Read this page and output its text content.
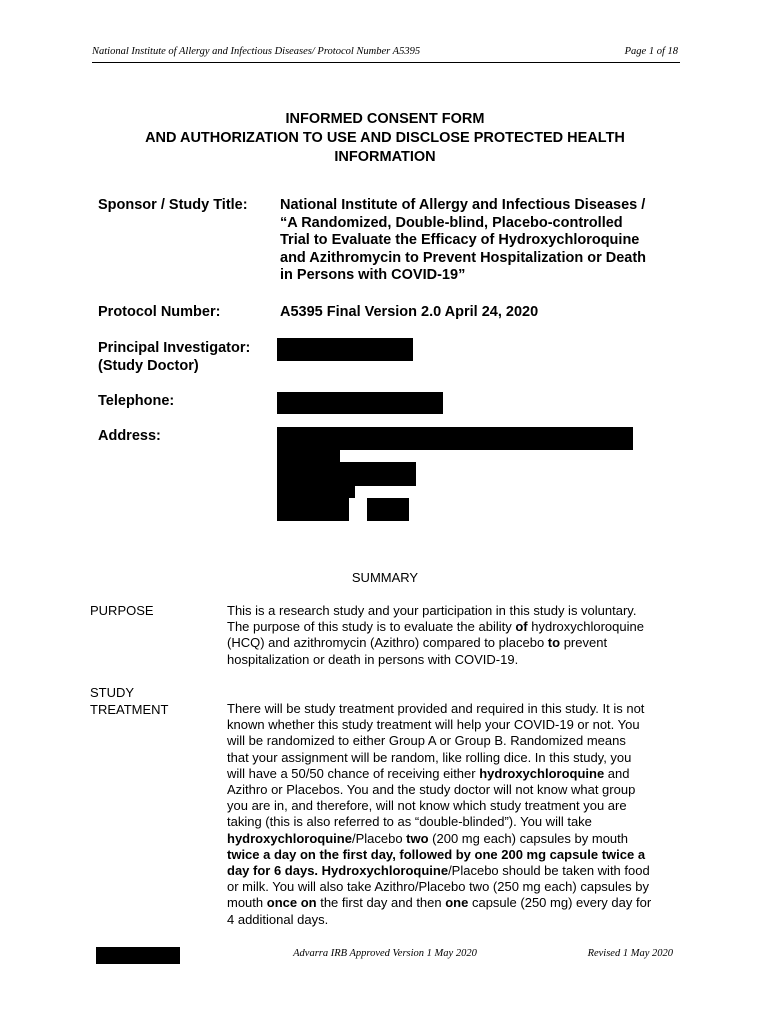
National Institute of Allergy and Infectious Diseases/ Protocol Number A5395	Page 1 of 18
INFORMED CONSENT FORM
AND AUTHORIZATION TO USE AND DISCLOSE PROTECTED HEALTH
INFORMATION
Sponsor / Study Title: National Institute of Allergy and Infectious Diseases /
“A Randomized, Double-blind, Placebo-controlled
Trial to Evaluate the Efficacy of Hydroxychloroquine
and Azithromycin to Prevent Hospitalization or Death
in Persons with COVID-19”
Protocol Number:	A5395 Final Version 2.0 April 24, 2020
Principal Investigator:
(Study Doctor)
Telephone:
Address:
SUMMARY
PURPOSE	This is a research study and your participation in this study is voluntary.
The purpose of this study is to evaluate the ability of hydroxychloroquine
(HCQ) and azithromycin (Azithro) compared to placebo to prevent
hospitalization or death in persons with COVID-19.
STUDY
TREATMENT	There will be study treatment provided and required in this study. It is not
known whether this study treatment will help your COVID-19 or not. You
will be randomized to either Group A or Group B. Randomized means
that your assignment will be random, like rolling dice. In this study, you
will have a 50/50 chance of receiving either hydroxychloroquine and
Azithro or Placebos. You and the study doctor will not know what group
you are in, and therefore, will not know which study treatment you are
taking (this is also referred to as “double-blinded”). You will take
hydroxychloroquine/Placebo two (200 mg each) capsules by mouth
twice a day on the first day, followed by one 200 mg capsule twice a
day for 6 days. Hydroxychloroquine/Placebo should be taken with food
or milk. You will also take Azithro/Placebo two (250 mg each) capsules by
mouth once on the first day and then one capsule (250 mg) every day for
4 additional days.
Advarra IRB Approved Version 1 May 2020	Revised 1 May 2020
